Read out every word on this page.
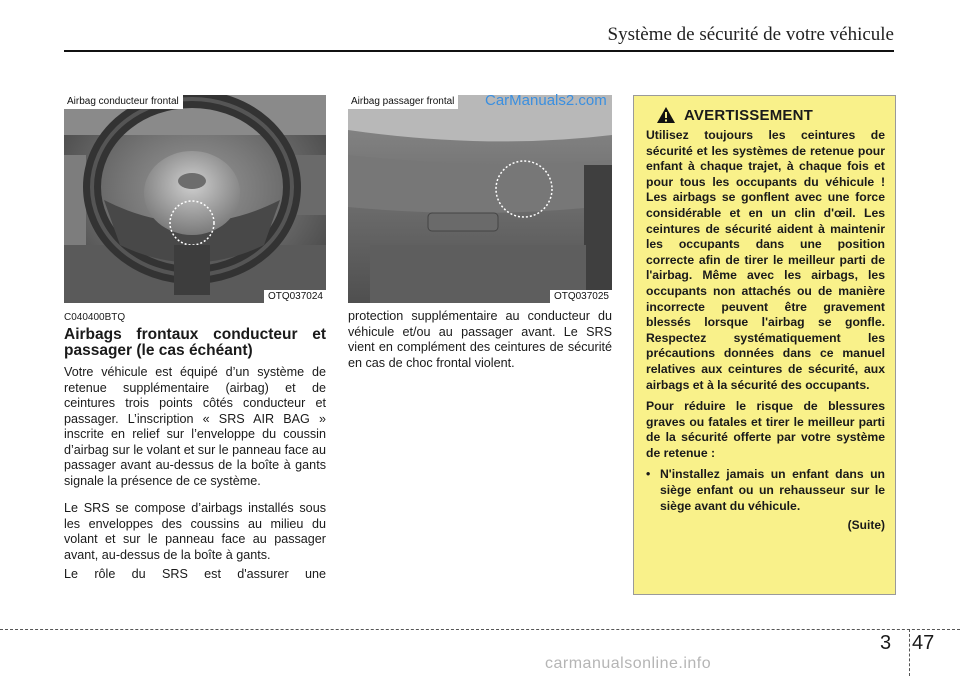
Système de sécurité de votre véhicule
Airbag conducteur frontal
OTQ037024
Airbag passager frontal
OTQ037025
CarManuals2.com

C040400BTQ

Airbags frontaux conducteur et passager (le cas échéant)

Votre véhicule est équipé d’un système de retenue supplémentaire (airbag) et de ceintures trois points côtés conducteur et passager. L’inscription « SRS AIR BAG » inscrite en relief sur l’enveloppe du coussin d’airbag sur le volant et sur le panneau face au passager avant au-dessus de la boîte à gants signale la présence de ce système.

Le SRS se compose d’airbags installés sous les enveloppes des coussins au milieu du volant et sur le panneau face au passager avant, au-dessus de la boîte à gants.

Le rôle du SRS est d'assurer une

protection supplémentaire au conducteur du véhicule et/ou au passager avant. Le SRS vient en complément des ceintures de sécurité en cas de choc frontal violent.

AVERTISSEMENT

Utilisez toujours les ceintures de sécurité et les systèmes de retenue pour enfant à chaque trajet, à chaque fois et pour tous les occupants du véhicule ! Les airbags se gonflent avec une force considérable et en un clin d'œil. Les ceintures de sécurité aident à maintenir les occupants dans une position correcte afin de tirer le meilleur parti de l'airbag. Même avec les airbags, les occupants non attachés ou de manière incorrecte peuvent être gravement blessés lorsque l'airbag se gonfle. Respectez systématiquement les précautions données dans ce manuel relatives aux ceintures de sécurité, aux airbags et à la sécurité des occupants.

Pour réduire le risque de blessures graves ou fatales et tirer le meilleur parti de la sécurité offerte par votre système de retenue :

• N'installez jamais un enfant dans un siège enfant ou un rehausseur sur le siège avant du véhicule.
(Suite)
3 47
carmanualsonline.info
